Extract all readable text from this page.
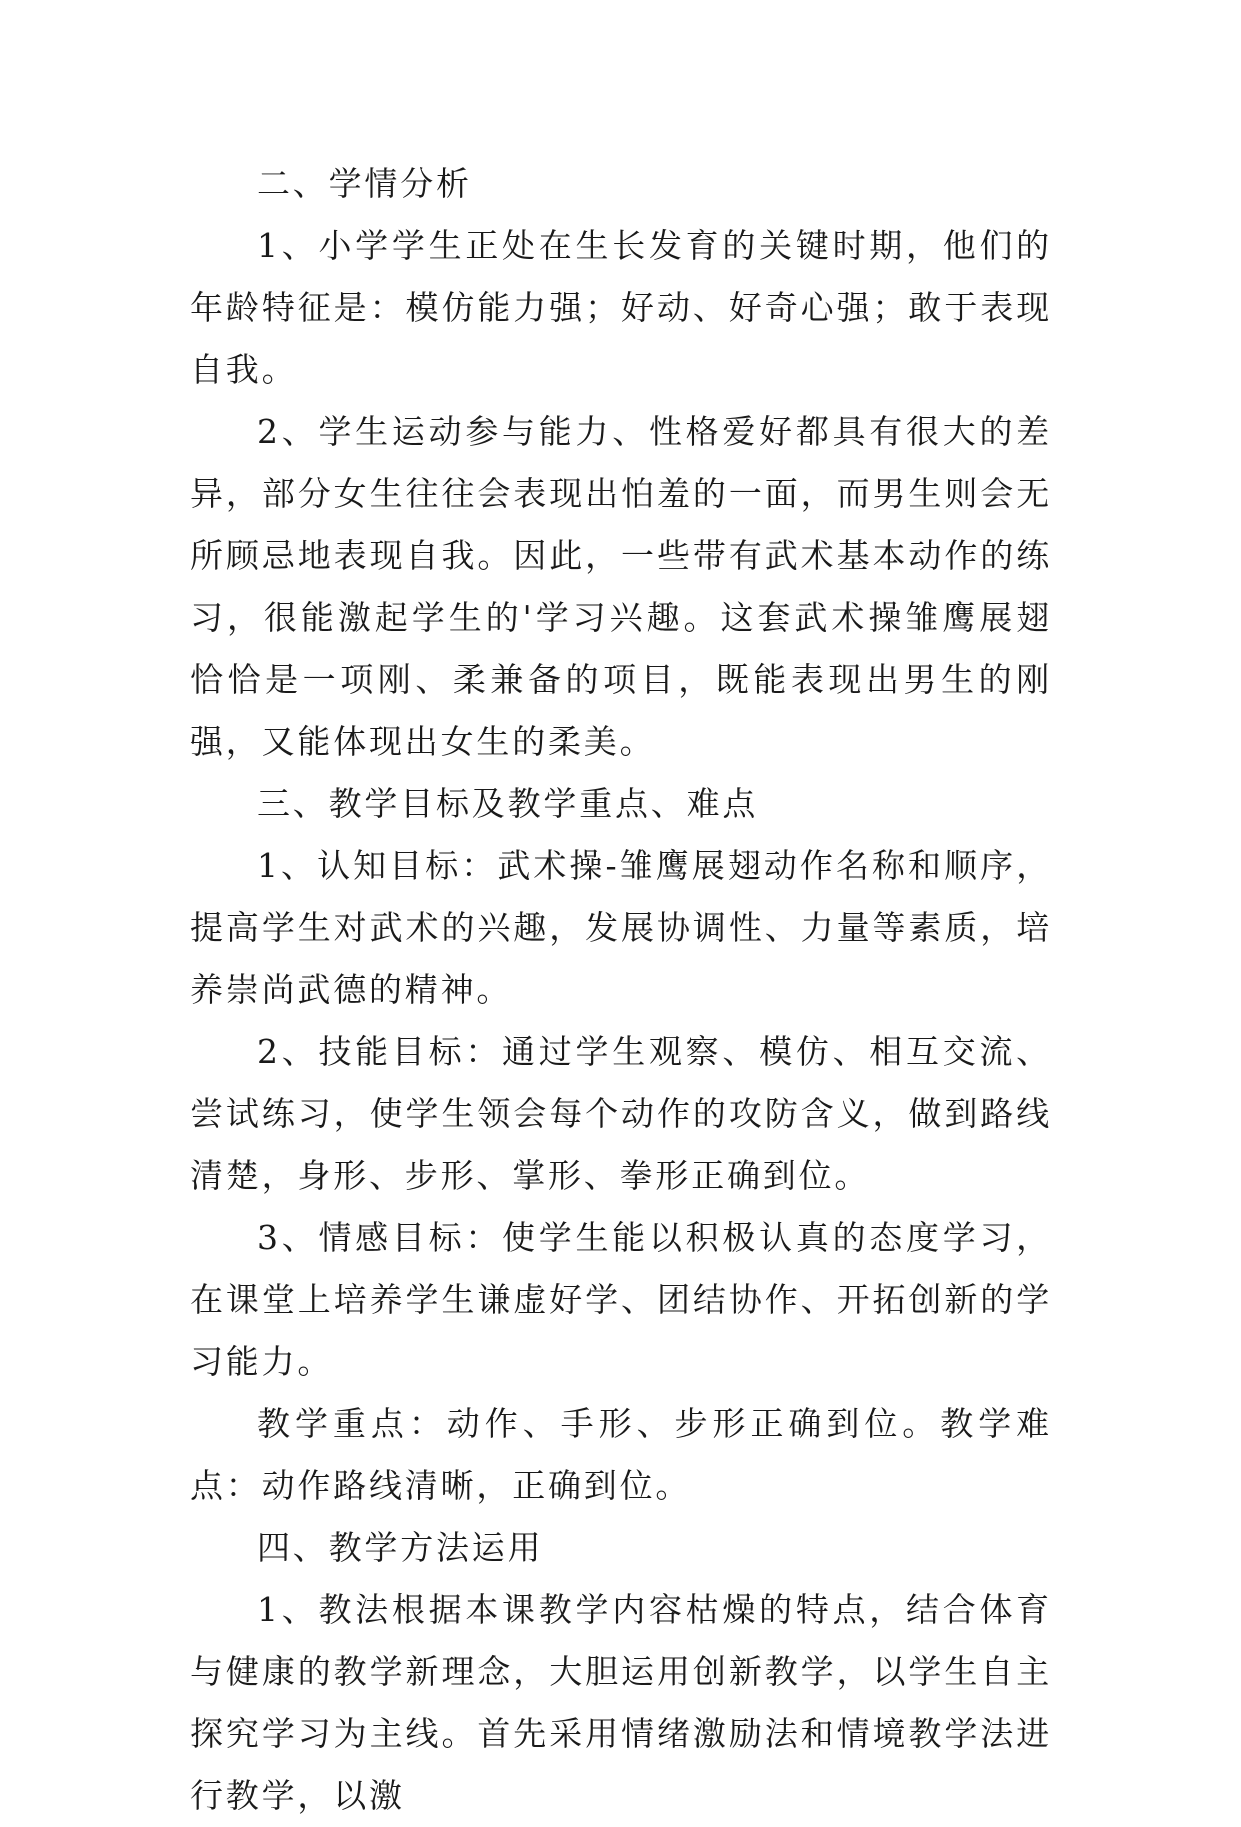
二、学情分析

1、小学学生正处在生长发育的关键时期，他们的年龄特征是：模仿能力强；好动、好奇心强；敢于表现自我。

2、学生运动参与能力、性格爱好都具有很大的差异，部分女生往往会表现出怕羞的一面，而男生则会无所顾忌地表现自我。因此，一些带有武术基本动作的练习，很能激起学生的'学习兴趣。这套武术操雏鹰展翅恰恰是一项刚、柔兼备的项目，既能表现出男生的刚强，又能体现出女生的柔美。

三、教学目标及教学重点、难点

1、认知目标：武术操-雏鹰展翅动作名称和顺序，提高学生对武术的兴趣，发展协调性、力量等素质，培养崇尚武德的精神。

2、技能目标：通过学生观察、模仿、相互交流、尝试练习，使学生领会每个动作的攻防含义，做到路线清楚，身形、步形、掌形、拳形正确到位。

3、情感目标：使学生能以积极认真的态度学习，在课堂上培养学生谦虚好学、团结协作、开拓创新的学习能力。

教学重点：动作、手形、步形正确到位。教学难点：动作路线清晰，正确到位。

四、教学方法运用

1、教法根据本课教学内容枯燥的特点，结合体育与健康的教学新理念，大胆运用创新教学，以学生自主探究学习为主线。首先采用情绪激励法和情境教学法进行教学，以激
